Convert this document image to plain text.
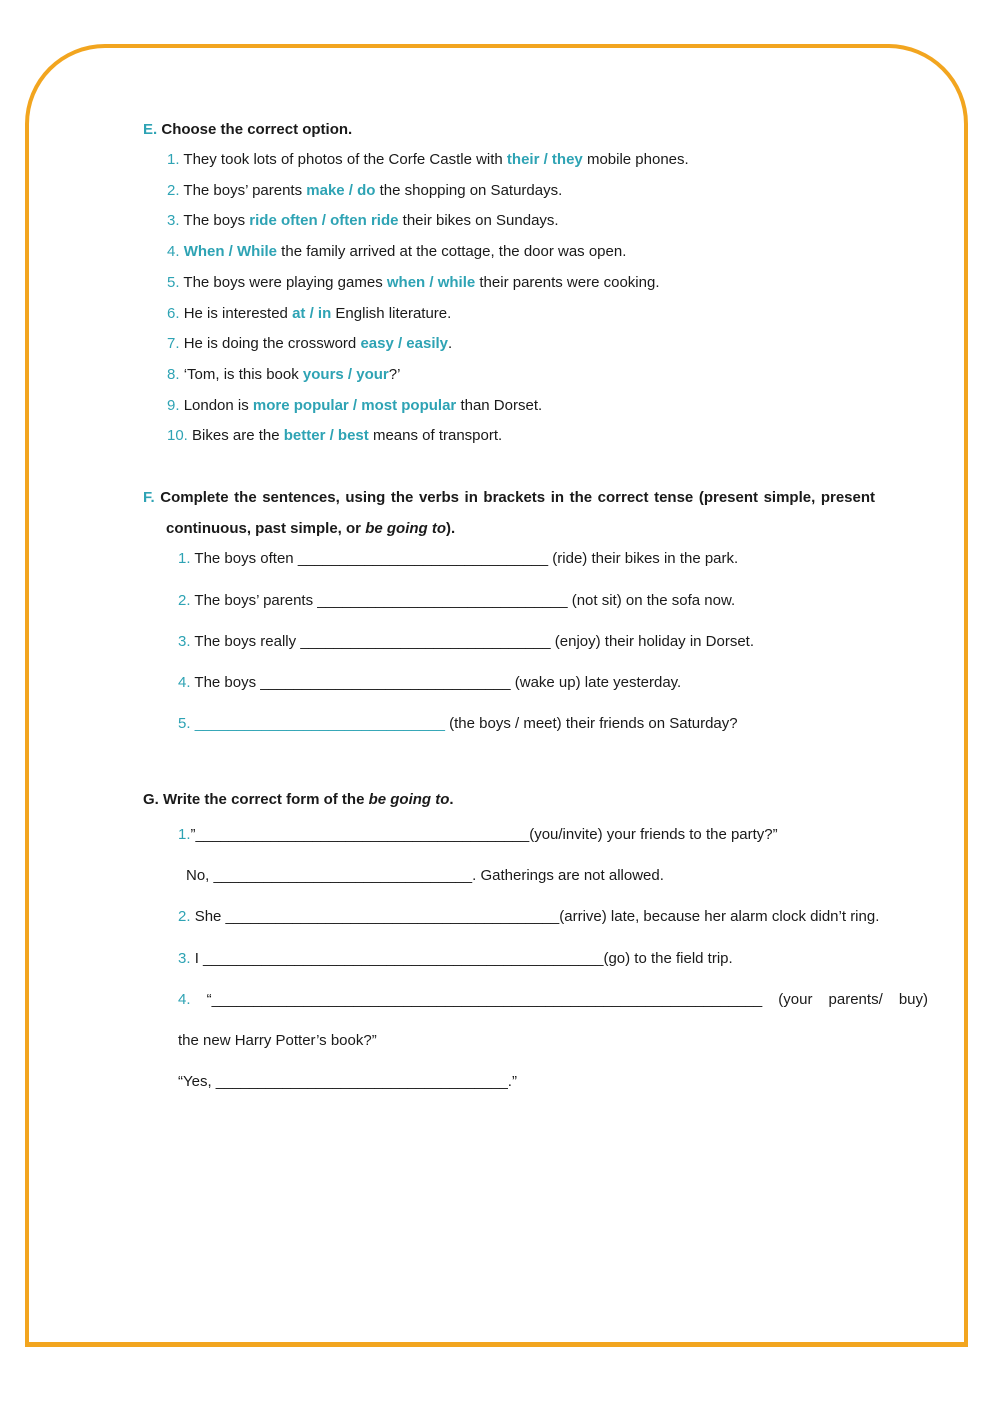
E. Choose the correct option.
1. They took lots of photos of the Corfe Castle with their / they mobile phones.
2. The boys’ parents make / do the shopping on Saturdays.
3. The boys ride often / often ride their bikes on Sundays.
4. When / While the family arrived at the cottage, the door was open.
5. The boys were playing games when / while their parents were cooking.
6. He is interested at / in English literature.
7. He is doing the crossword easy / easily.
8. ‘Tom, is this book yours / your?’
9. London is more popular / most popular than Dorset.
10. Bikes are the better / best means of transport.
F. Complete the sentences, using the verbs in brackets in the correct tense (present simple, present
continuous, past simple, or be going to).
1. The boys often ______________________________ (ride) their bikes in the park.
2. The boys’ parents ______________________________ (not sit) on the sofa now.
3. The boys really ______________________________ (enjoy) their holiday in Dorset.
4. The boys ______________________________ (wake up) late yesterday.
5. ______________________________ (the boys / meet) their friends on Saturday?
G. Write the correct form of the be going to.
1.”________________________________________(you/invite) your friends to the party?”
No, _______________________________. Gatherings are not allowed.
2. She ________________________________________(arrive) late, because her alarm clock didn’t ring.
3. I ________________________________________________(go) to the field trip.
4. “__________________________________________________________________ (your parents/ buy)
the new Harry Potter’s book?”
“Yes, ___________________________________.”
